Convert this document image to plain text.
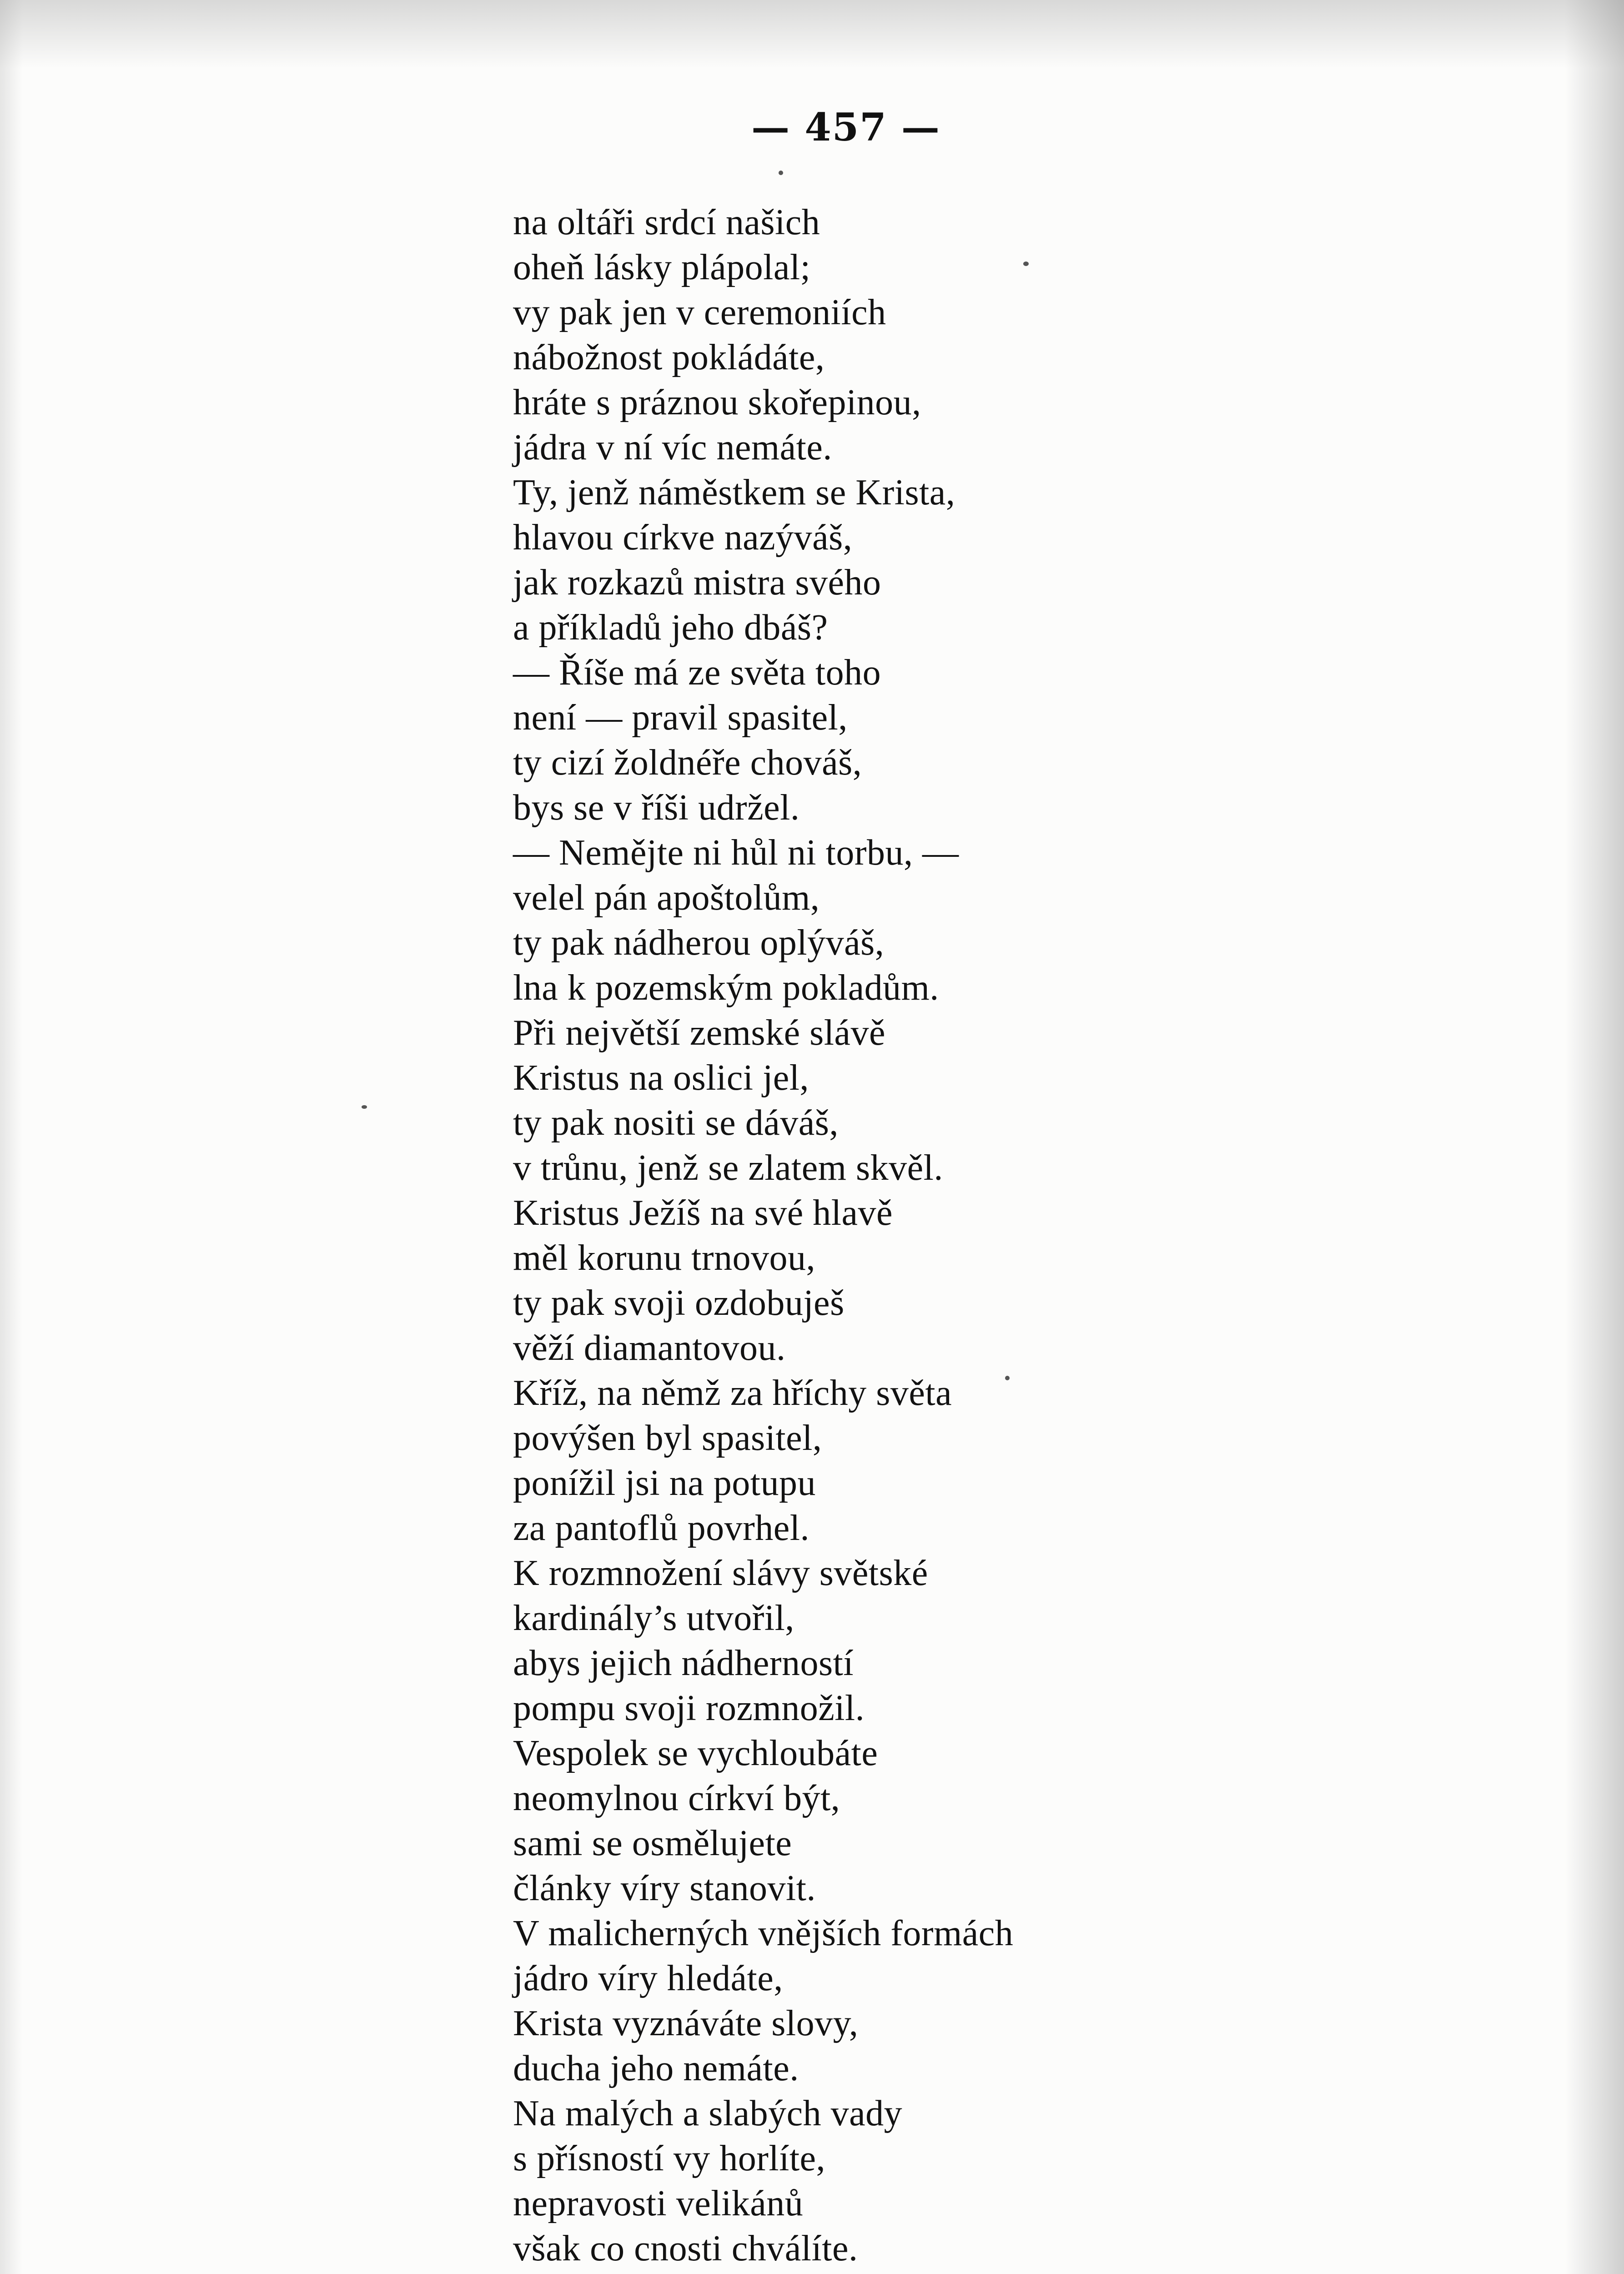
— 457 —
na oltáři srdcí našich
oheň lásky plápolal;
vy pak jen v ceremoniích
nábožnost pokládáte,
hráte s práznou skořepinou,
jádra v ní víc nemáte.
Ty, jenž náměstkem se Krista,
hlavou církve nazýváš,
jak rozkazů mistra svého
a příkladů jeho dbáš?
— Říše má ze světa toho
není — pravil spasitel,
ty cizí žoldnéře chováš,
bys se v říši udržel.
— Nemějte ni hůl ni torbu, —
velel pán apoštolům,
ty pak nádherou oplýváš,
lna k pozemským pokladům.
Při největší zemské slávě
Kristus na oslici jel,
ty pak nositi se dáváš,
v trůnu, jenž se zlatem skvěl.
Kristus Ježíš na své hlavě
měl korunu trnovou,
ty pak svoji ozdobuješ
věží diamantovou.
Kříž, na němž za hříchy světa
povýšen byl spasitel,
ponížil jsi na potupu
za pantoflů povrhel.
K rozmnožení slávy světské
kardinály’s utvořil,
abys jejich nádherností
pompu svoji rozmnožil.
Vespolek se vychloubáte
neomylnou církví být,
sami se osmělujete
články víry stanovit.
V malicherných vnějších formách
jádro víry hledáte,
Krista vyznáváte slovy,
ducha jeho nemáte.
Na malých a slabých vady
s přísností vy horlíte,
nepravosti velikánů
však co cnosti chválíte.
